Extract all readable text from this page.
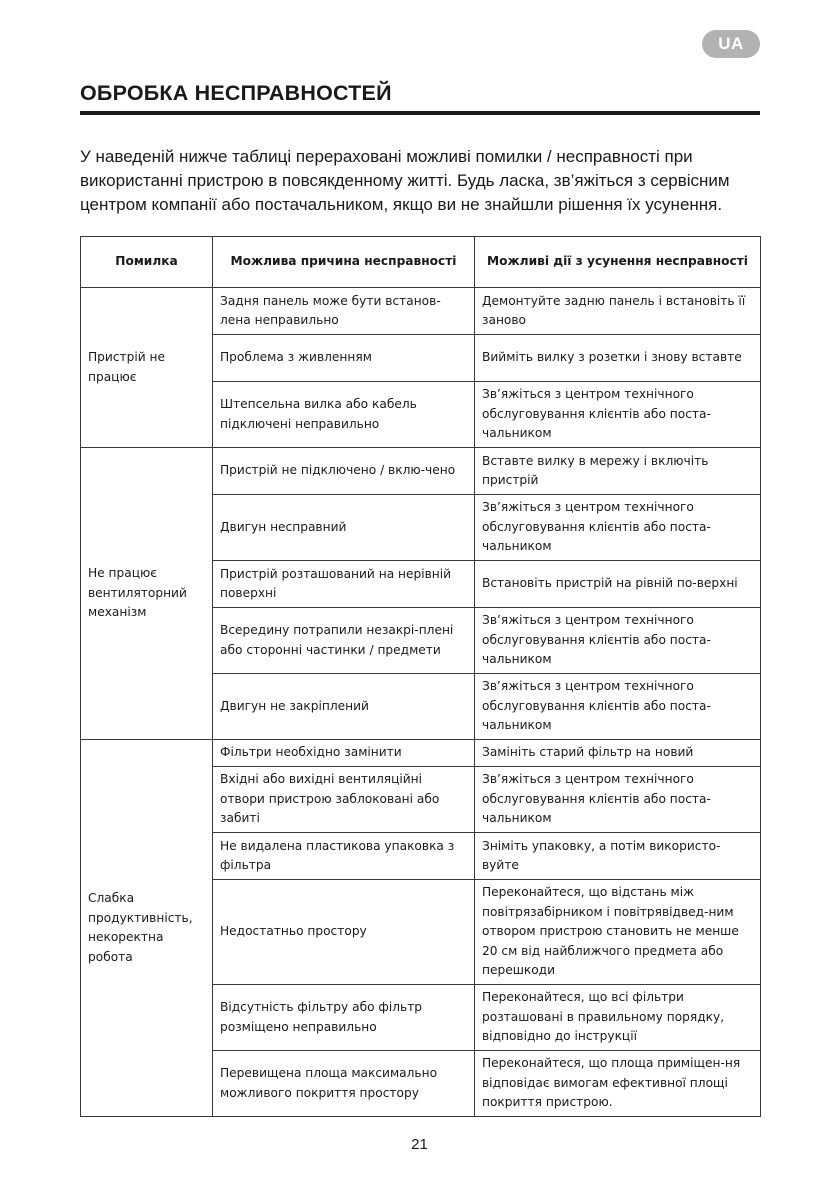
UA
ОБРОБКА НЕСПРАВНОСТЕЙ

У наведеній нижче таблиці перераховані можливі помилки / несправності при використанні пристрою в повсякденному житті. Будь ласка, зв’яжіться з сервісним центром компанії або постачальником, якщо ви не знайшли рішення їх усунення.

Помилка	Можлива причина несправності	Можливі дії з усунення несправності
Пристрій не працює	Задня панель може бути встанов-лена неправильно	Демонтуйте задню панель і встановіть її заново
	Проблема з живленням	Вийміть вилку з розетки і знову вставте
	Штепсельна вилка або кабель підключені неправильно	Зв’яжіться з центром технічного обслуговування клієнтів або поста-чальником
Не працює вентиляторний механізм	Пристрій не підключено / вклю-чено	Вставте вилку в мережу і включіть пристрій
	Двигун несправний	Зв’яжіться з центром технічного обслуговування клієнтів або поста-чальником
	Пристрій розташований на нерівній поверхні	Встановіть пристрій на рівній по-верхні
	Всередину потрапили незакрі-плені або сторонні частинки / предмети	Зв’яжіться з центром технічного обслуговування клієнтів або поста-чальником
	Двигун не закріплений	Зв’яжіться з центром технічного обслуговування клієнтів або поста-чальником
Слабка продуктивність, некоректна робота	Фільтри необхідно замінити	Замініть старий фільтр на новий
	Вхідні або вихідні вентиляційні отвори пристрою заблоковані або забиті	Зв’яжіться з центром технічного обслуговування клієнтів або поста-чальником
	Не видалена пластикова упаковка з фільтра	Зніміть упаковку, а потім використо-вуйте
	Недостатньо простору	Переконайтеся, що відстань між повітрязабірником і повітрявідвед-ним отвором пристрою становить не менше 20 см від найближчого предмета або перешкоди
	Відсутність фільтру або фільтр розміщено неправильно	Переконайтеся, що всі фільтри розташовані в правильному порядку, відповідно до інструкції
	Перевищена площа максимально можливого покриття простору	Переконайтеся, що площа приміщен-ня відповідає вимогам ефективної площі покриття пристрою.
21
